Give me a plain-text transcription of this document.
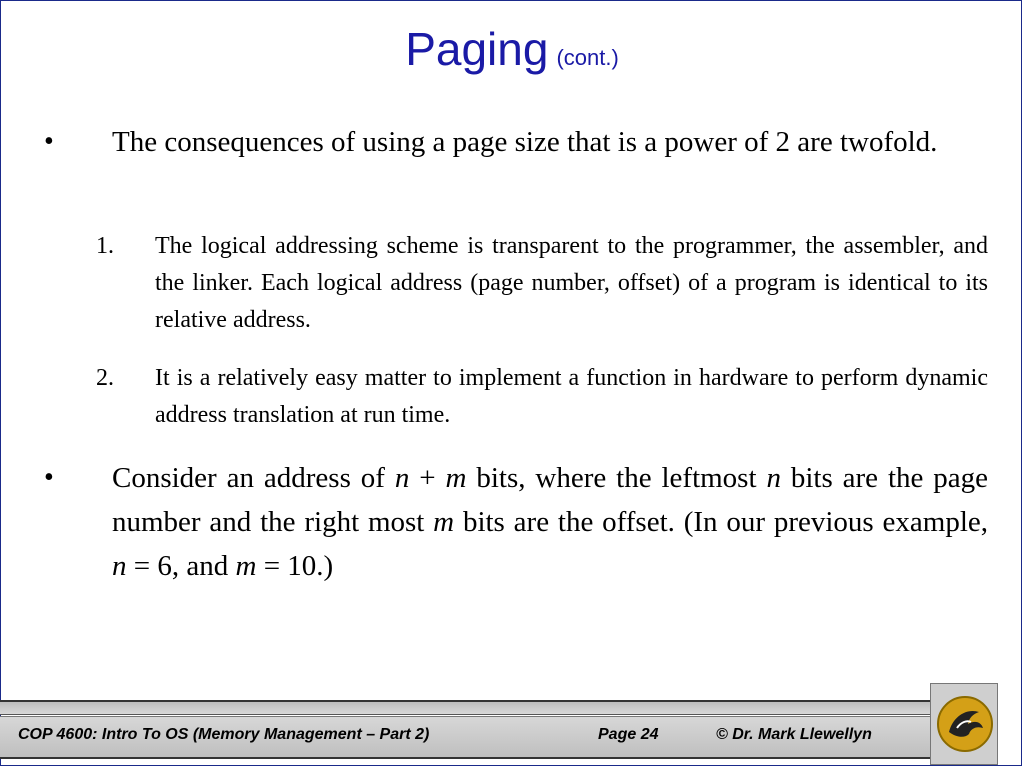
Paging (cont.)
• The consequences of using a page size that is a power of 2 are twofold.
1. The logical addressing scheme is transparent to the programmer, the assembler, and the linker. Each logical address (page number, offset) of a program is identical to its relative address.
2. It is a relatively easy matter to implement a function in hardware to perform dynamic address translation at run time.
• Consider an address of n + m bits, where the leftmost n bits are the page number and the right most m bits are the offset. (In our previous example, n = 6, and m = 10.)
COP 4600: Intro To OS (Memory Management – Part 2)	Page 24	© Dr. Mark Llewellyn
